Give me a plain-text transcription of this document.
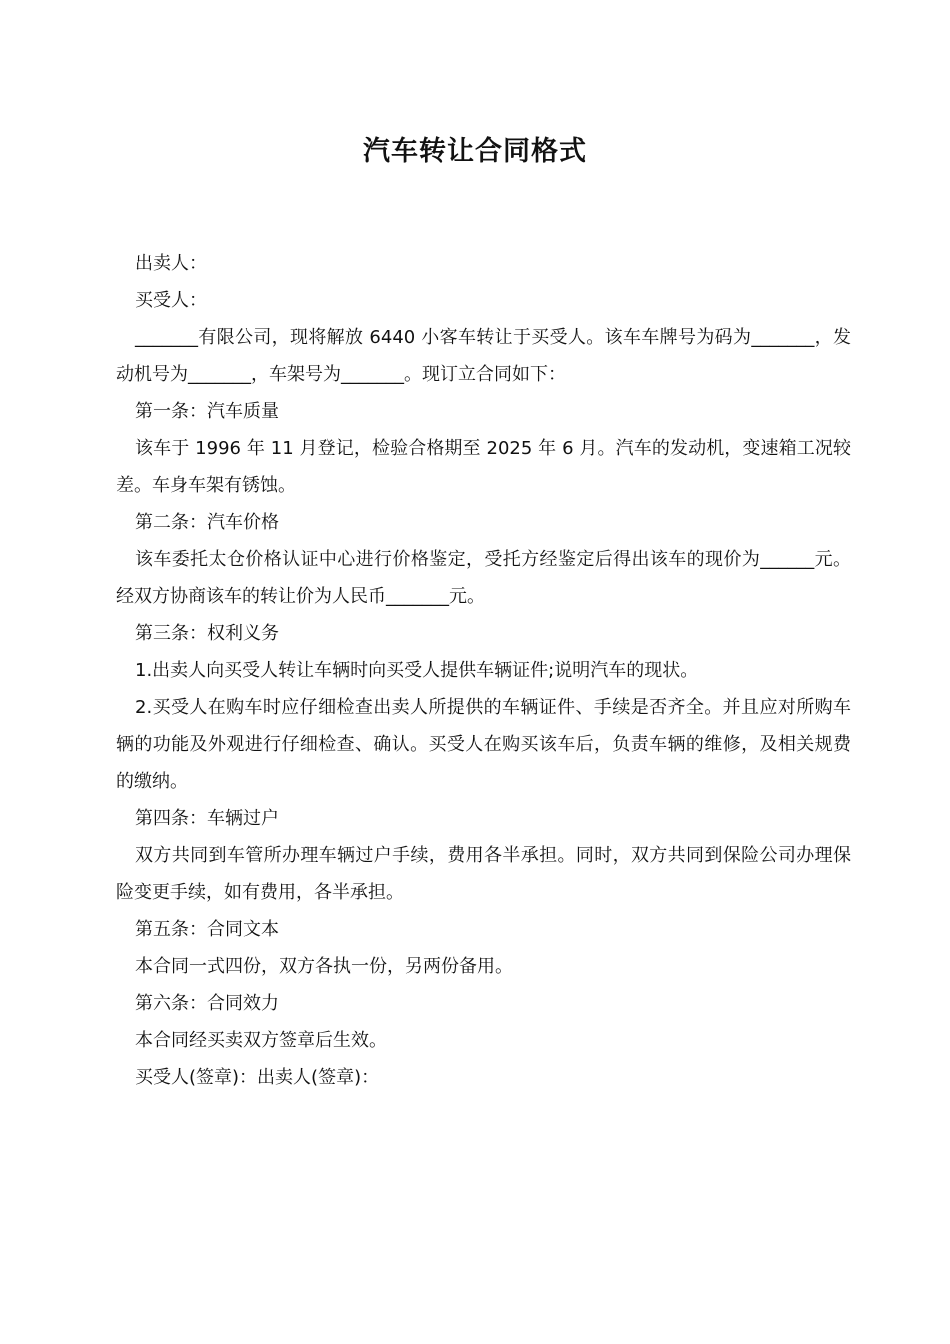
汽车转让合同格式

出卖人：

买受人：

_______有限公司，现将解放 6440 小客车转让于买受人。该车车牌号为码为_______，发动机号为_______，车架号为_______。现订立合同如下：

第一条：汽车质量

该车于 1996 年 11 月登记，检验合格期至 2025 年 6 月。汽车的发动机，变速箱工况较差。车身车架有锈蚀。

第二条：汽车价格

该车委托太仓价格认证中心进行价格鉴定，受托方经鉴定后得出该车的现价为______元。经双方协商该车的转让价为人民币_______元。

第三条：权利义务

1.出卖人向买受人转让车辆时向买受人提供车辆证件;说明汽车的现状。

2.买受人在购车时应仔细检查出卖人所提供的车辆证件、手续是否齐全。并且应对所购车辆的功能及外观进行仔细检查、确认。买受人在购买该车后，负责车辆的维修，及相关规费的缴纳。

第四条：车辆过户

双方共同到车管所办理车辆过户手续，费用各半承担。同时，双方共同到保险公司办理保险变更手续，如有费用，各半承担。

第五条：合同文本

本合同一式四份，双方各执一份，另两份备用。

第六条：合同效力

本合同经买卖双方签章后生效。

买受人(签章)：出卖人(签章)：
